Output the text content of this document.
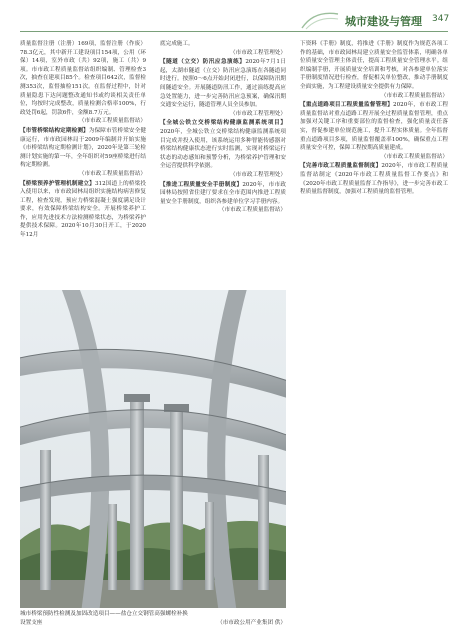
城市建设与管理 347

质量监督注册（注册）169项，监督注册（作废）78.3亿元，其中新开工建设项目154项，公用（环保）14项，室外市政（共）92项，施工（共）9项。市市政工程质量监督站组织编制、管理检查3次，抽查在建项目85个。检查项目642次，监督检测353次，监督抽检151次。在监督过程中，针对质量隐患下达问题整改通知书或约谈相关责任单位，均按时完成整改，质量检测合格率100%，行政处罚6起，罚款6件，金额8.7万元。

（市市政工程质量监督站）

【市管桥梁结构定期检测】为保障市管桥梁安全健康运行，市市政园林局于2009年编制并开始实施《市桥梁结构定期检测计划》，2020年是第三轮检测计划实施的第一年，全年组织对59座桥梁进行结构定期检测。

（市市政工程质量监督站）

【桥梁预养护管理机制建立】312国道上的桥梁投入使用以来，市市政园林局组织实施结构病害修复工程，检查发现，预应力桥梁混凝土强度满足设计要求，有效保障桥梁结构安全。开展桥梁养护工作，应用先进技术方法检测桥梁状态，为桥梁养护提供技术保障。2020年10月30日开工，于2020年12月

底完成施工。

（市市政工程管理处）

【隧道（立交）防汛应急演练】2020年7月1日起，太湖市隧道（立交）防汛应急演练在各隧道同时进行。按照0～6点开始封闭进行，以保障防汛期间隧道安全。开展隧道防汛工作，通过演练提高应急处置能力，进一步完善防汛应急预案，确保汛期交通安全运行，隧道管理人员全员参加。

（市市政工程管理处）

【全城公铁立交桥梁结构健康监测系统项目】2020年，全城公铁立交桥梁结构健康监测系统项目完成并投入使用，该系统运用多种智能传感器对桥梁结构健康状态进行实时监测，实现对桥梁运行状态的动态感知和预警分析，为桥梁养护管理和安全运营提供科学依据。

（市市政工程管理处）

【推进工程质量安全手册制度】2020年，市市政园林局按照省住建厅要求在全市范围内推进工程质量安全手册制度，组织各参建单位学习手册内容。

（市市政工程质量监督站）

下资料《手册》制度，将推进《手册》制度作为规范各项工作的基础，市市政园林局建立质量安全监管体系，明确各单位质量安全管理主体责任，提高工程质量安全管理水平。组织编制手册，开展质量安全培训和考核，对各参建单位落实手册制度情况进行检查，督促相关单位整改，推动手册制度全面实施，为工程建设质量安全提供有力保障。

（市市政工程质量监督站）

【重点道路项目工程质量监督管理】2020年，市市政工程质量监督站对重点道路工程开展全过程质量监督管理，重点加强对关键工序和重要部位的监督检查，强化质量责任落实，督促参建单位规范施工，提升工程实体质量。全年监督重点道路项目多项，质量监督覆盖率100%，确保重点工程质量安全可控，保障工程按期高质量建成。

（市市政工程质量监督站）

【完善市政工程质量监督制度】2020年，市市政工程质量监督站制定《2020年市政工程质量监督工作要点》和《2020年市政工程质量监督工作指导》，进一步完善市政工程质量监督制度，加强对工程质量的监督管理。

城市桥梁预防性检测及加固改造项目——盐仓立交钢管高强螺栓补换
设置支座	（市市政公用产业集团 供）
